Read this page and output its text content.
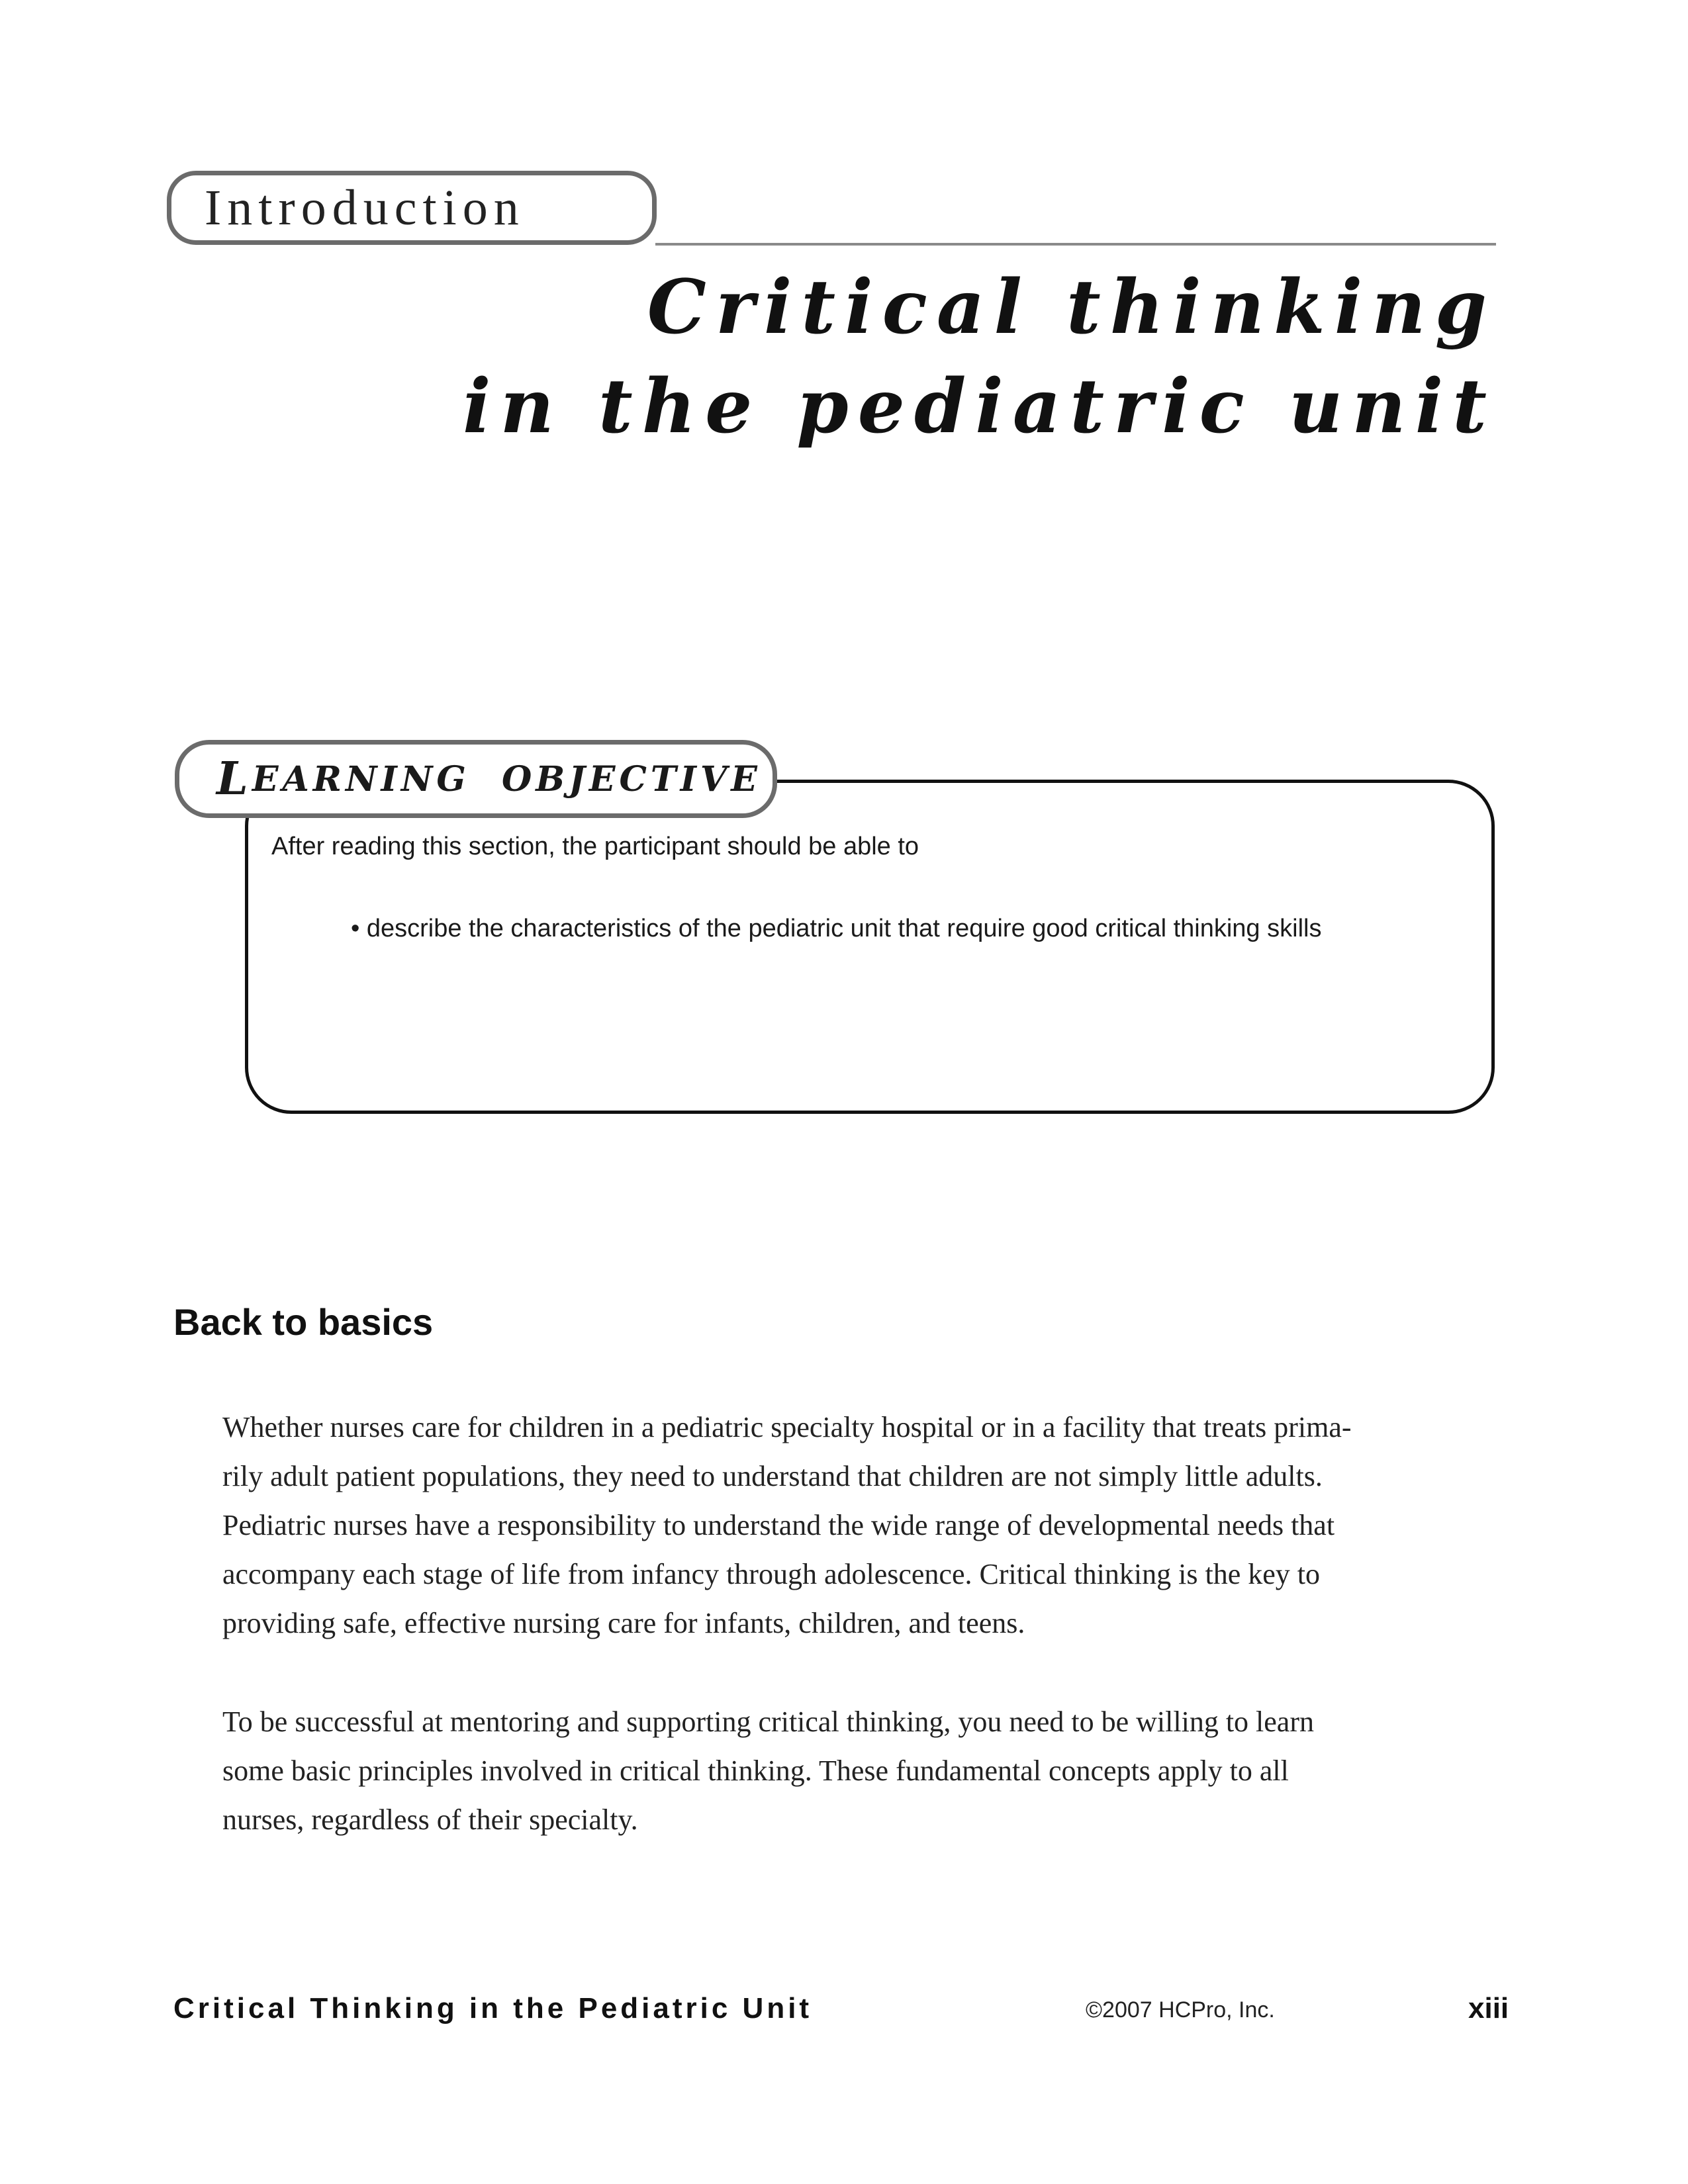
Introduction
Critical thinking
in the pediatric unit
L EARNING  OBJECTIVE
After reading this section, the participant should be able to
• describe the characteristics of the pediatric unit that require good critical thinking skills
Back to basics
Whether nurses care for children in a pediatric specialty hospital or in a facility that treats prima-
rily adult patient populations, they need to understand that children are not simply little adults.
Pediatric nurses have a responsibility to understand the wide range of developmental needs that
accompany each stage of life from infancy through adolescence. Critical thinking is the key to
providing safe, effective nursing care for infants, children, and teens.
To be successful at mentoring and supporting critical thinking, you need to be willing to learn
some basic principles involved in critical thinking. These fundamental concepts apply to all
nurses, regardless of their specialty.
Critical Thinking in the Pediatric Unit	©2007 HCPro, Inc.	xiii
